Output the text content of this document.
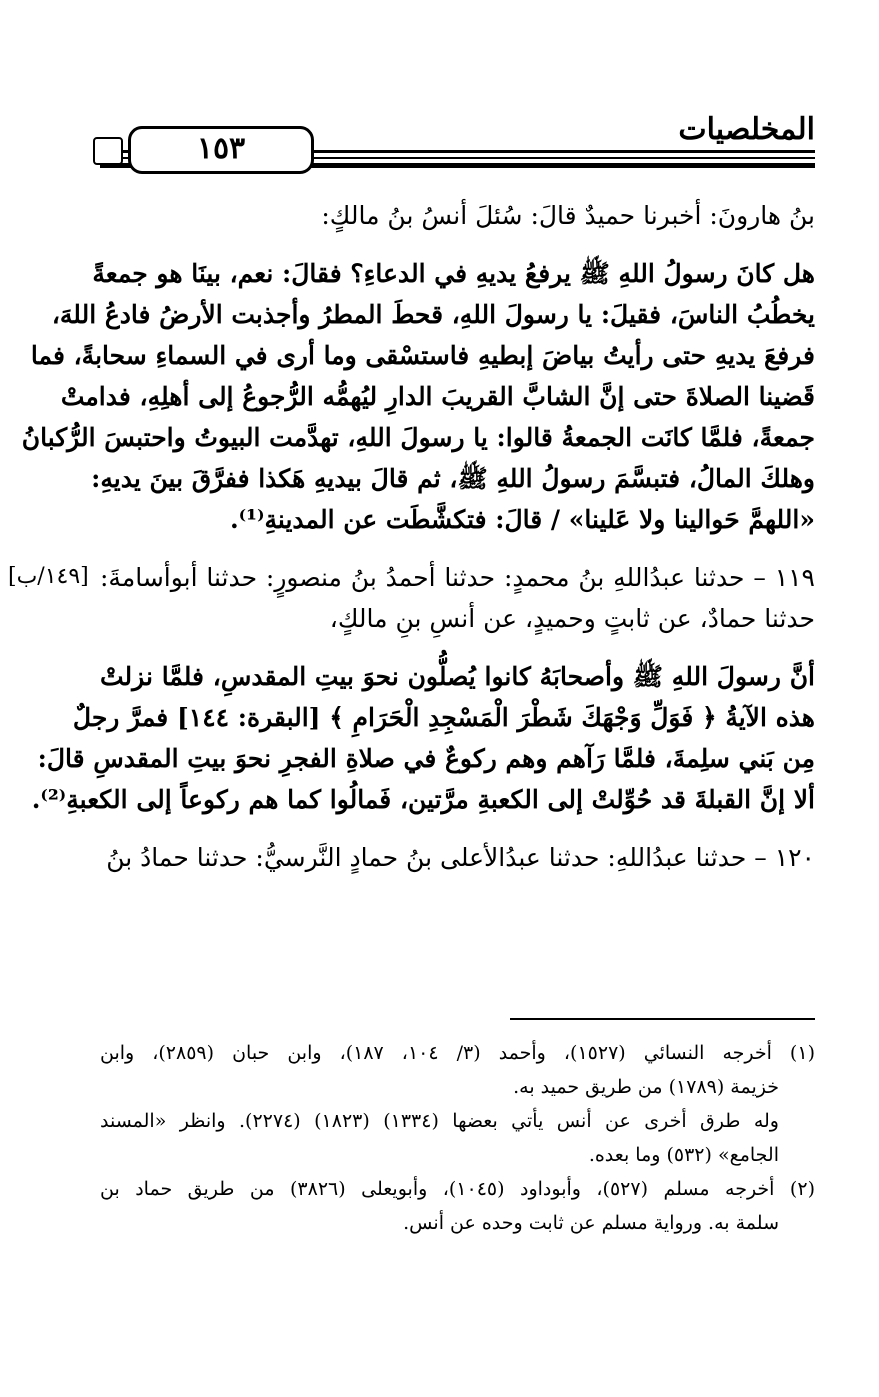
المخلصيات
١٥٣
[١٤٩/ب]
بنُ هارونَ: أخبرنا حميدٌ قالَ: سُئلَ أنسُ بنُ مالكٍ:
هل كانَ رسولُ اللهِ ﷺ يرفعُ يديهِ في الدعاءِ؟ فقالَ: نعم، بينَا هو جمعةً
يخطُبُ الناسَ، فقيلَ: يا رسولَ اللهِ، قحطَ المطرُ وأجذبت الأرضُ فادعُ اللهَ،
فرفعَ يديهِ حتى رأيتُ بياضَ إبطيهِ فاستسْقى وما أرى في السماءِ سحابةً، فما
قَضينا الصلاةَ حتى إنَّ الشابَّ القريبَ الدارِ ليُهمُّه الرُّجوعُ إلى أهلِهِ، فدامتْ
جمعةً، فلمَّا كانَت الجمعةُ قالوا: يا رسولَ اللهِ، تهدَّمت البيوتُ واحتبسَ الرُّكبانُ
وهلكَ المالُ، فتبسَّمَ رسولُ اللهِ ﷺ، ثم قالَ بيديهِ هَكذا ففرَّقَ بينَ يديهِ:
«اللهمَّ حَوالينا ولا عَلينا» / قالَ: فتكشَّطَت عن المدينةِ⁽¹⁾.
١١٩ – حدثنا عبدُاللهِ بنُ محمدٍ: حدثنا أحمدُ بنُ منصورٍ: حدثنا أبوأسامةَ:
حدثنا حمادٌ، عن ثابتٍ وحميدٍ، عن أنسِ بنِ مالكٍ،
أنَّ رسولَ اللهِ ﷺ وأصحابَهُ كانوا يُصلُّون نحوَ بيتِ المقدسِ، فلمَّا نزلتْ
هذه الآيةُ ﴿ فَوَلِّ وَجْهَكَ شَطْرَ الْمَسْجِدِ الْحَرَامِ ﴾ [البقرة: ١٤٤] فمرَّ رجلٌ
مِن بَني سلِمةَ، فلمَّا رَآهم وهم ركوعٌ في صلاةِ الفجرِ نحوَ بيتِ المقدسِ قالَ:
ألا إنَّ القبلةَ قد حُوِّلتْ إلى الكعبةِ مرَّتين، فَمالُوا كما هم ركوعاً إلى الكعبةِ⁽²⁾.
١٢٠ – حدثنا عبدُاللهِ: حدثنا عبدُالأعلى بنُ حمادٍ النَّرسيُّ: حدثنا حمادُ بنُ
(١) أخرجه النسائي (١٥٢٧)، وأحمد (٣/ ١٠٤، ١٨٧)، وابن حبان (٢٨٥٩)، وابن
خزيمة (١٧٨٩) من طريق حميد به.
وله طرق أخرى عن أنس يأتي بعضها (١٣٣٤) (١٨٢٣) (٢٢٧٤). وانظر «المسند
الجامع» (٥٣٢) وما بعده.
(٢) أخرجه مسلم (٥٢٧)، وأبوداود (١٠٤٥)، وأبويعلى (٣٨٢٦) من طريق حماد بن
سلمة به. ورواية مسلم عن ثابت وحده عن أنس.
